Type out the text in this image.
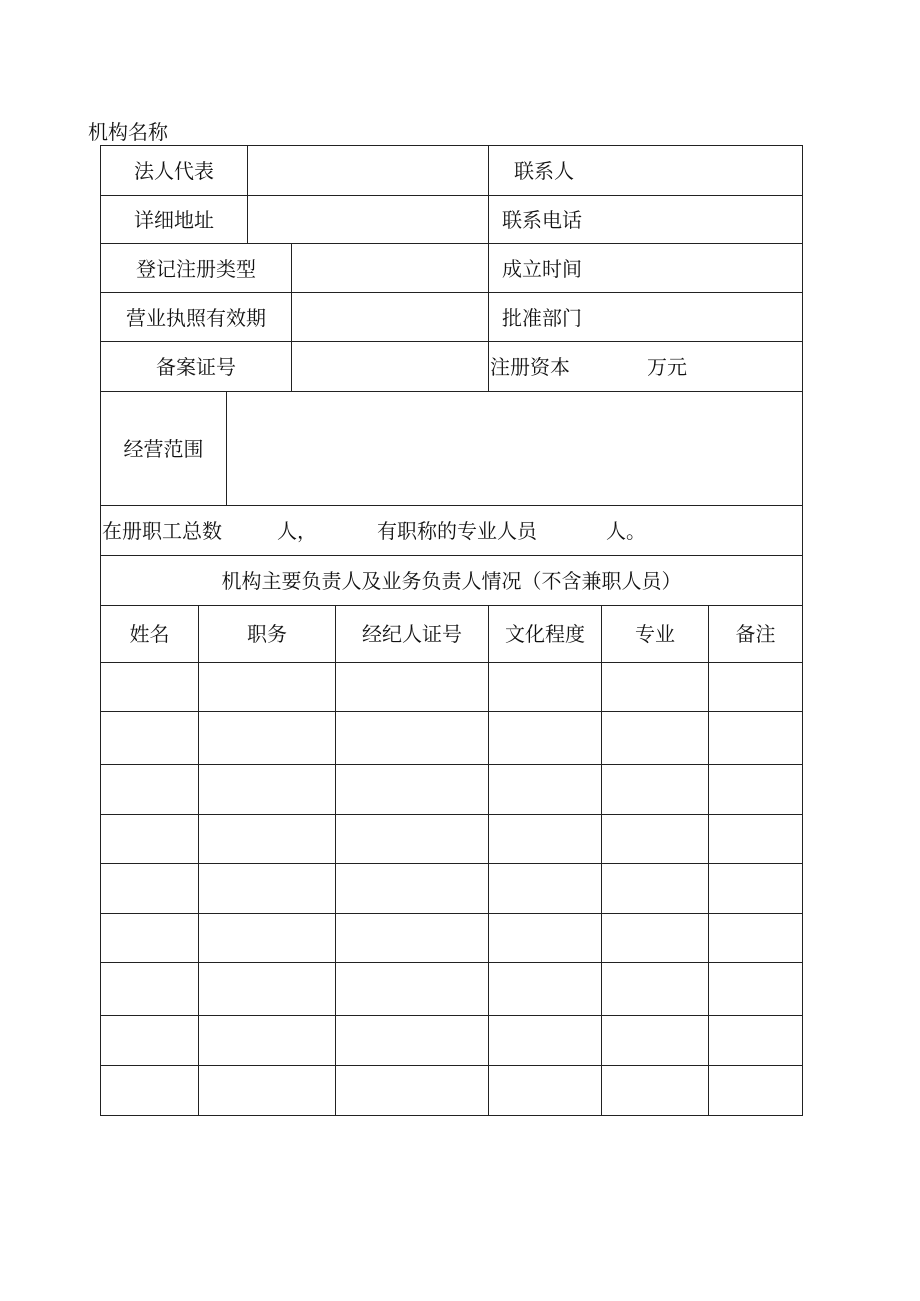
机构名称
法人代表	联系人
详细地址	联系电话
登记注册类型	成立时间
营业执照有效期	批准部门
备案证号	注册资本	万元
经营范围
在册职工总数	人，	有职称的专业人员	人。
机构主要负责人及业务负责人情况（不含兼职人员）
姓名	职务	经纪人证号	文化程度	专业	备注
